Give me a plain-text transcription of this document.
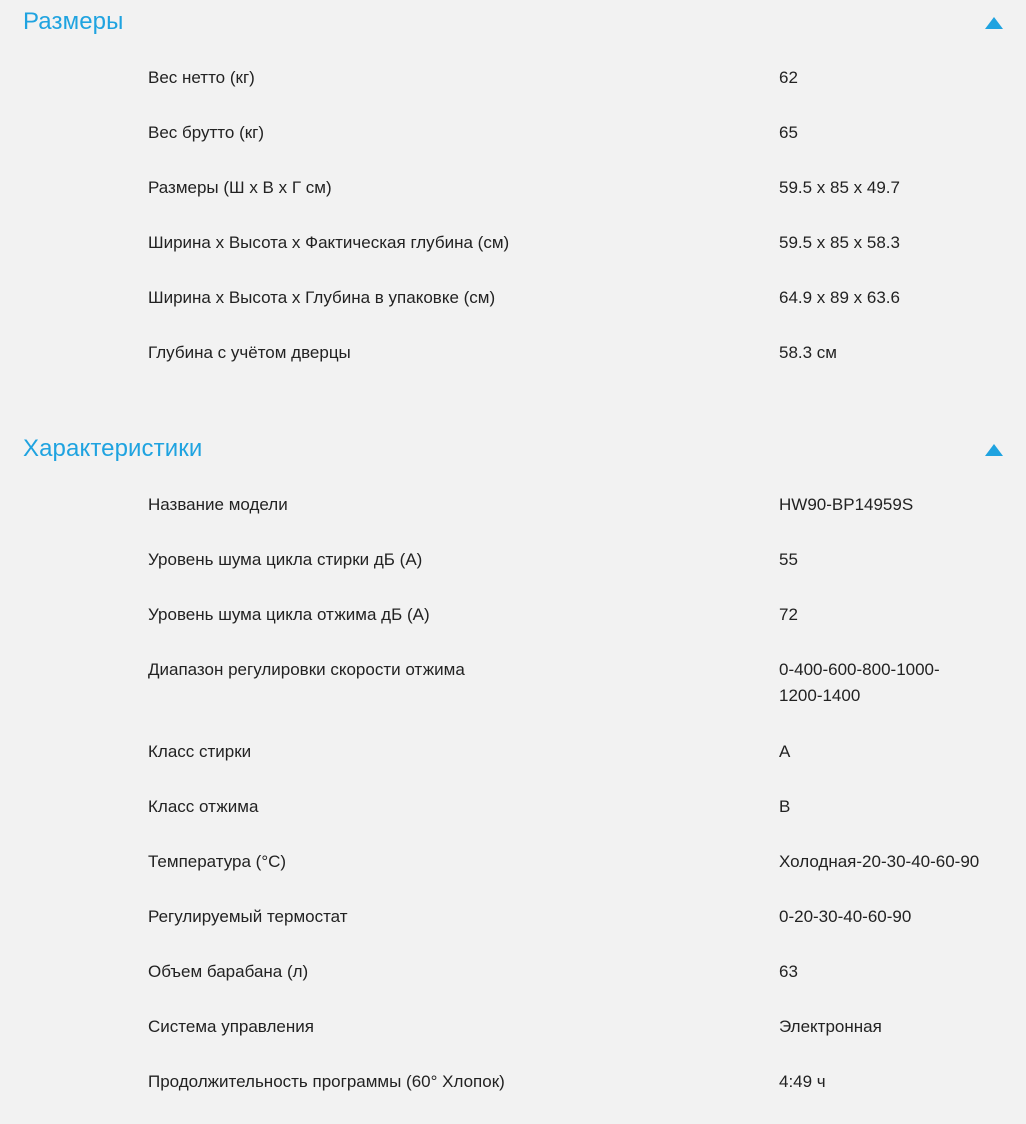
Размеры
Вес нетто (кг)	62
Вес брутто (кг)	65
Размеры (Ш x В x Г см)	59.5 x 85 x 49.7
Ширина x Высота x Фактическая глубина (см)	59.5 x 85 x 58.3
Ширина x Высота x Глубина в упаковке (см)	64.9 x 89 x 63.6
Глубина с учётом дверцы	58.3 см
Характеристики
Название модели	HW90-BP14959S
Уровень шума цикла стирки дБ (A)	55
Уровень шума цикла отжима дБ (A)	72
Диапазон регулировки скорости отжима	0-400-600-800-1000-1200-1400
Класс стирки	A
Класс отжима	B
Температура (°C)	Холодная-20-30-40-60-90
Регулируемый термостат	0-20-30-40-60-90
Объем барабана (л)	63
Система управления	Электронная
Продолжительность программы (60° Хлопок)	4:49 ч
